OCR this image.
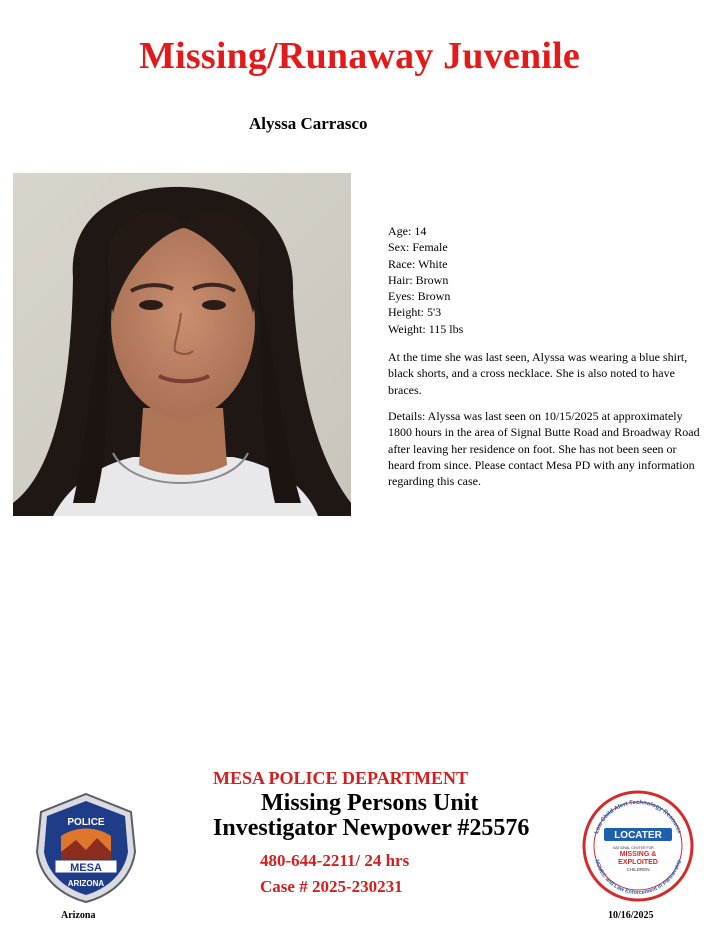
Missing/Runaway Juvenile
Alyssa Carrasco
Age: 14
Sex: Female
Race: White
Hair: Brown
Eyes: Brown
Height: 5'3
Weight: 115 lbs

At the time she was last seen, Alyssa was wearing a blue shirt, black shorts, and a cross necklace. She is also noted to have braces.

Details: Alyssa was last seen on 10/15/2025 at approximately 1800 hours in the area of Signal Butte Road and Broadway Road after leaving her residence on foot. She has not been seen or heard from since. Please contact Mesa PD with any information regarding this case.

MESA POLICE DEPARTMENT
Missing Persons Unit
Investigator Newpower #25576
480-644-2211/ 24 hrs
Case # 2025-230231
POLICE
MESA
ARIZONA
Arizona
Law Child Alert Technology Resource
NCMEC and Law Enforcement in Partnership
LOCATER
NATIONAL CENTER FOR
MISSING &
EXPLOITED
CHILDREN
10/16/2025
